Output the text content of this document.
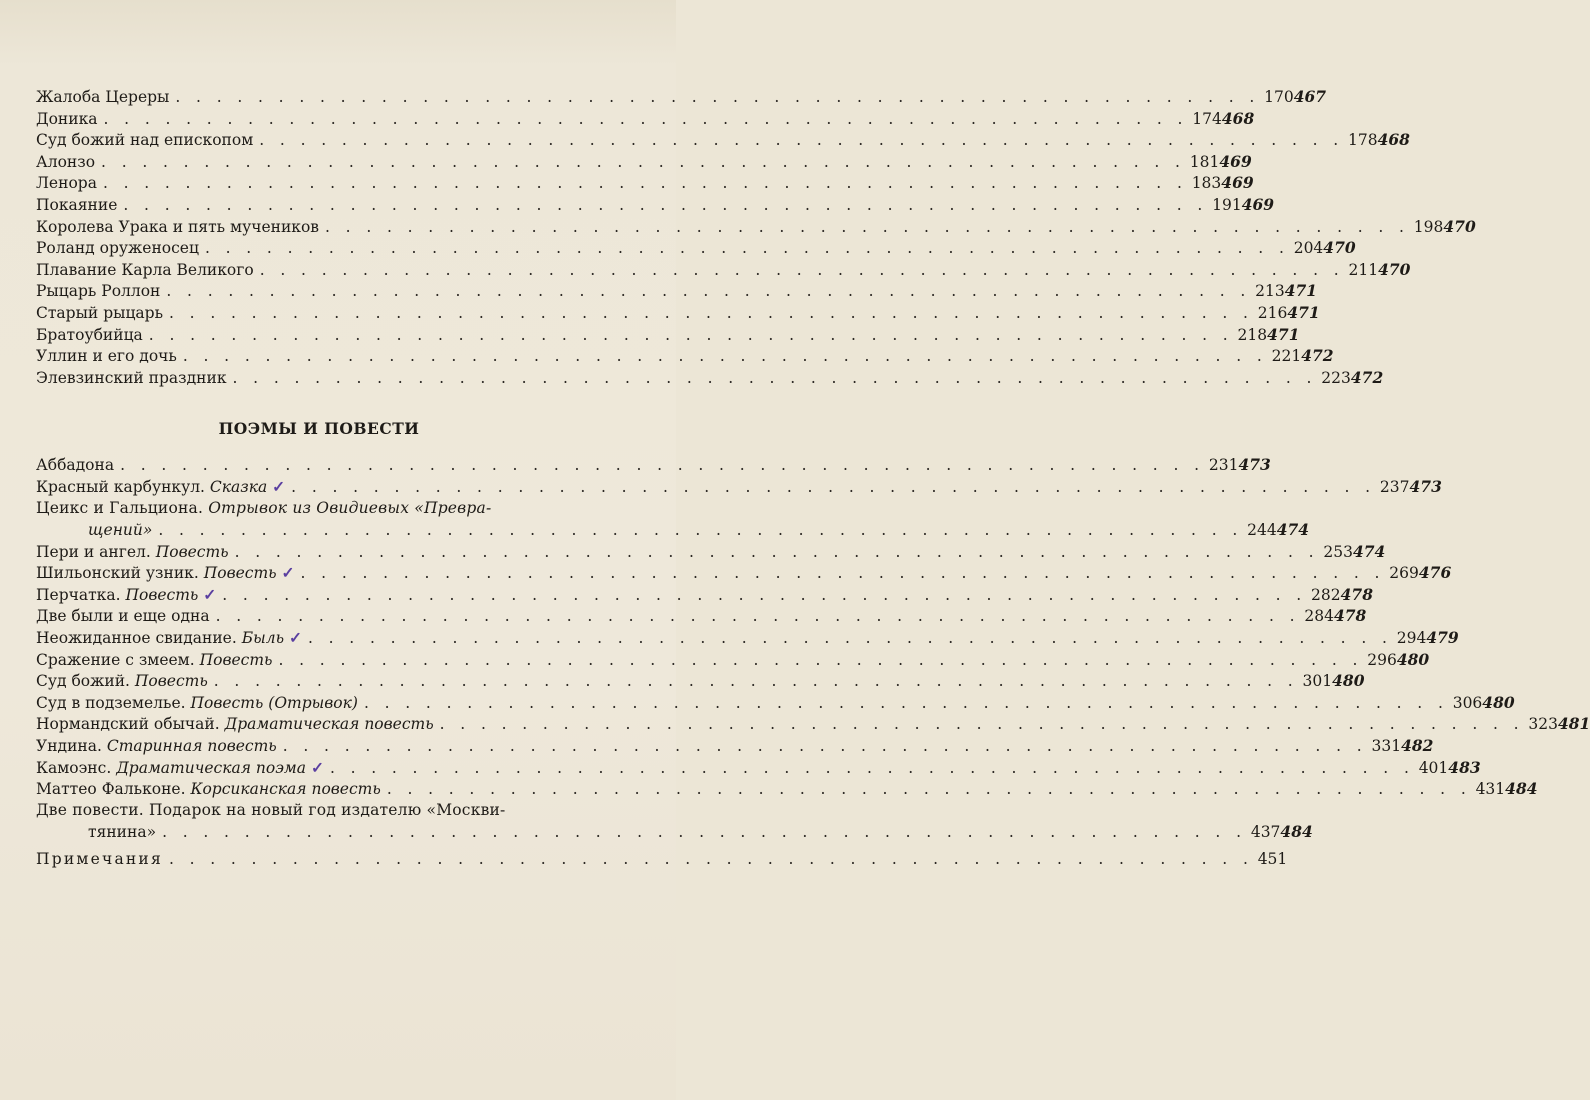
Жалоба Цереры . . .	170 467
Доника . . .	174 468
Суд божий над епископом . . .	178 468
Алонзо . . .	181 469
Ленора . . .	183 469
Покаяние . . .	191 469
Королева Урака и пять мучеников . . .	198 470
Роланд оруженосец . . .	204 470
Плавание Карла Великого . . .	211 470
Рыцарь Роллон . . .	213 471
Старый рыцарь . . .	216 471
Братоубийца . . .	218 471
Уллин и его дочь . . .	221 472
Элевзинский праздник . . .	223 472
ПОЭМЫ И ПОВЕСТИ
Аббадона . . .	231 473
Красный карбункул. Сказка ✓ . . .	237 473
Цеикс и Гальциона. Отрывок из Овидиевых «Превра-
щений» . . .	244 474
Пери и ангел. Повесть . . .	253 474
Шильонский узник. Повесть ✓ . . .	269 476
Перчатка. Повесть ✓ . . .	282 478
Две были и еще одна . . .	284 478
Неожиданное свидание. Быль ✓ . . .	294 479
Сражение с змеем. Повесть . . .	296 480
Суд божий. Повесть . . .	301 480
Суд в подземелье. Повесть (Отрывок) . . .	306 480
Нормандский обычай. Драматическая повесть . . .	323 481
Ундина. Старинная повесть . . .	331 482
Камоэнс. Драматическая поэма ✓ . . .	401 483
Маттео Фальконе. Корсиканская повесть . . .	431 484
Две повести. Подарок на новый год издателю «Москви-
тянина» . . .	437 484
Примечания . . .	451
